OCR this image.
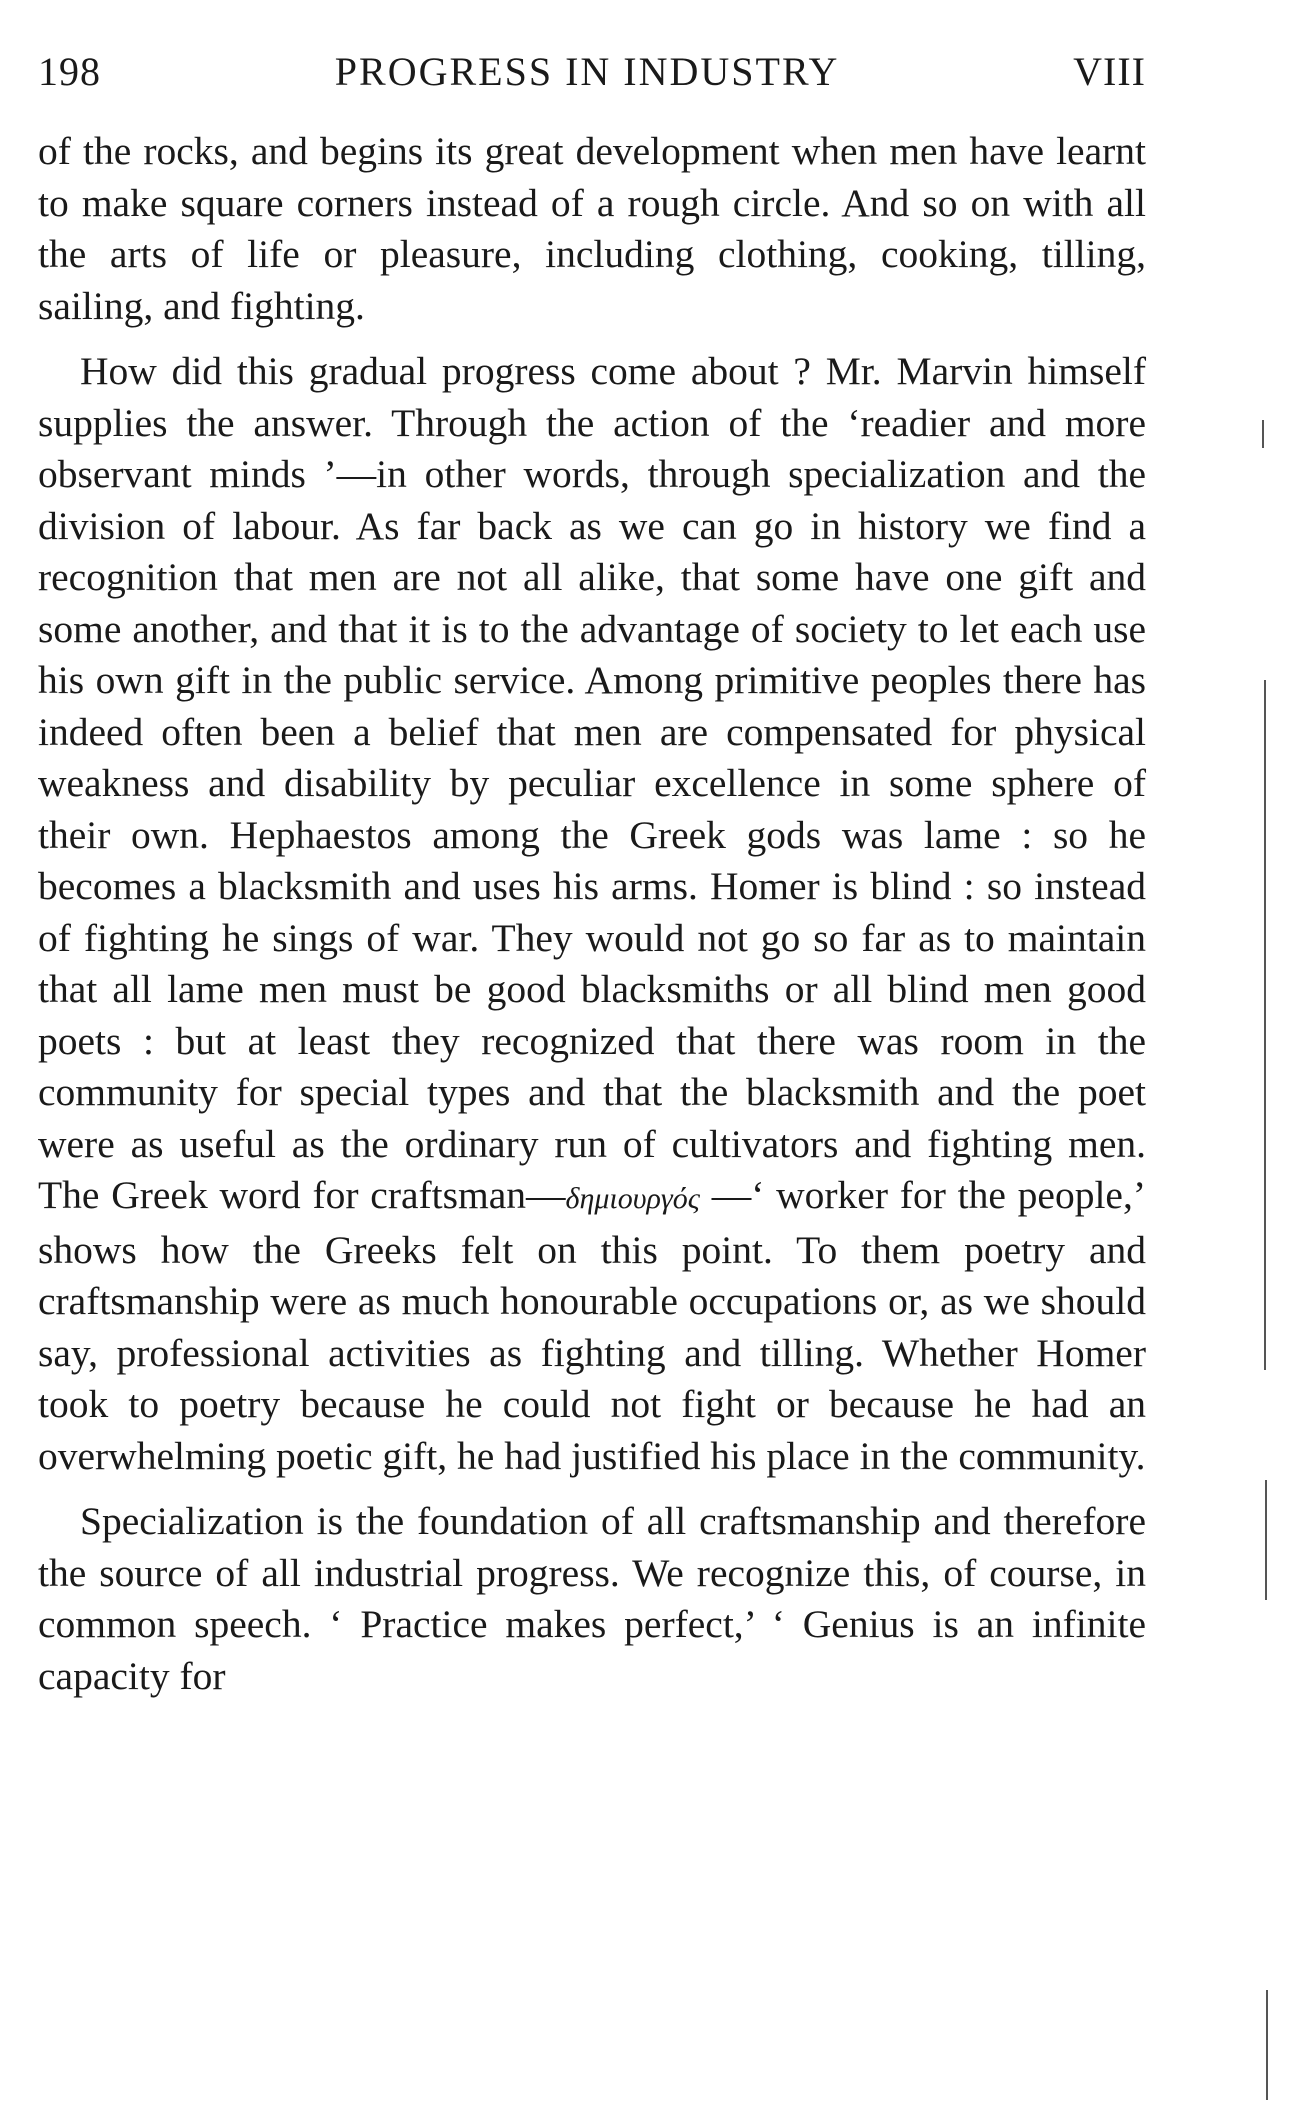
198	PROGRESS IN INDUSTRY	VIII

of the rocks, and begins its great development when men have learnt to make square corners instead of a rough circle. And so on with all the arts of life or pleasure, including clothing, cooking, tilling, sailing, and fighting.

How did this gradual progress come about ? Mr. Marvin himself supplies the answer. Through the action of the ‘readier and more observant minds ’—in other words, through specialization and the division of labour. As far back as we can go in history we find a recognition that men are not all alike, that some have one gift and some another, and that it is to the advantage of society to let each use his own gift in the public service. Among primitive peoples there has indeed often been a belief that men are compensated for physical weakness and disability by peculiar excellence in some sphere of their own. Hephaestos among the Greek gods was lame : so he becomes a blacksmith and uses his arms. Homer is blind : so instead of fighting he sings of war. They would not go so far as to maintain that all lame men must be good blacksmiths or all blind men good poets : but at least they recognized that there was room in the community for special types and that the blacksmith and the poet were as useful as the ordinary run of cultivators and fighting men. The Greek word for craftsman—δημιουργός —‘ worker for the people,’ shows how the Greeks felt on this point. To them poetry and craftsmanship were as much honourable occupations or, as we should say, professional activities as fighting and tilling. Whether Homer took to poetry because he could not fight or because he had an overwhelming poetic gift, he had justified his place in the community.

Specialization is the foundation of all craftsmanship and therefore the source of all industrial progress. We recognize this, of course, in common speech. ‘ Practice makes perfect,’ ‘ Genius is an infinite capacity for
